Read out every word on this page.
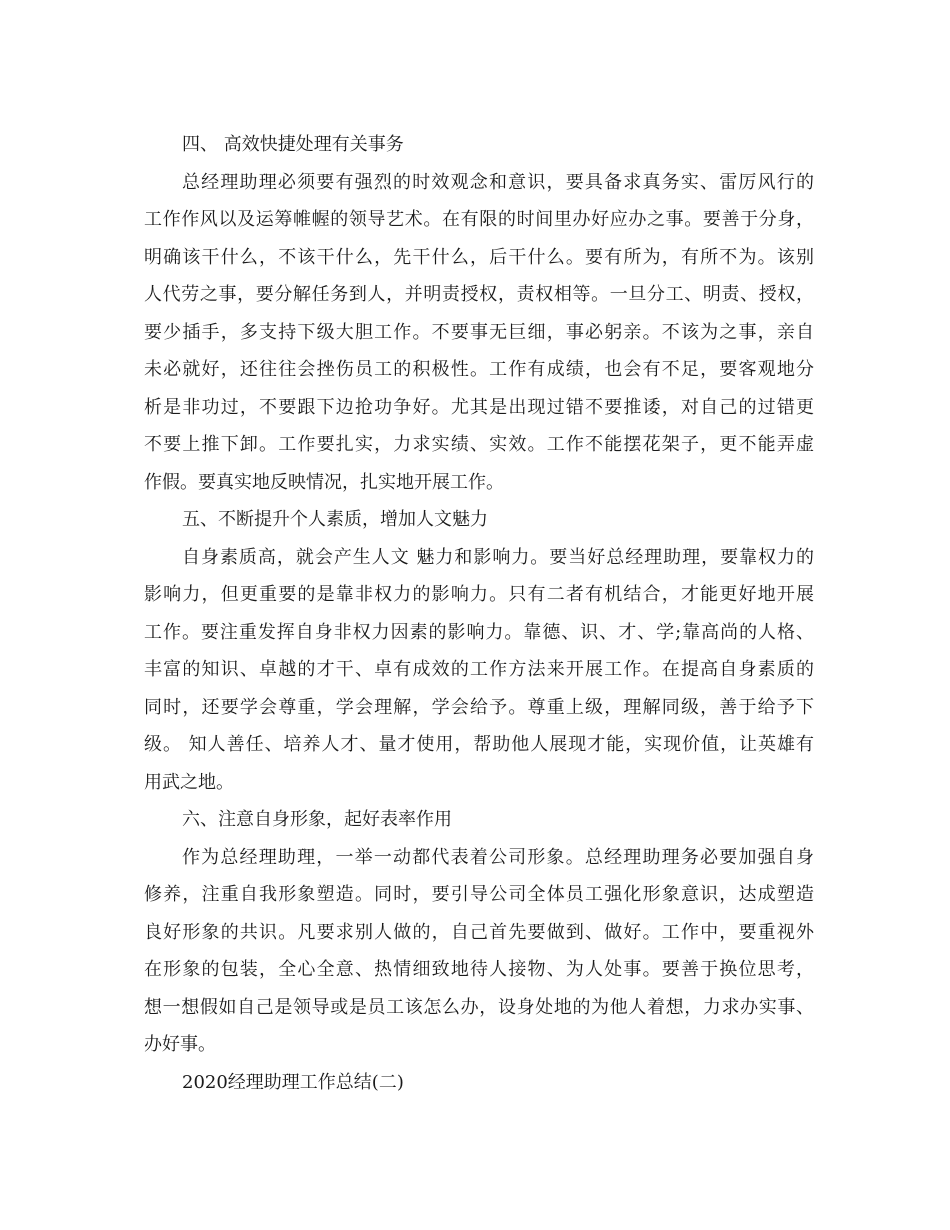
四、 高效快捷处理有关事务
总经理助理必须要有强烈的时效观念和意识，要具备求真务实、雷厉风行的
工作作风以及运筹帷幄的领导艺术。在有限的时间里办好应办之事。要善于分身，
明确该干什么，不该干什么，先干什么，后干什么。要有所为，有所不为。该别
人代劳之事，要分解任务到人，并明责授权，责权相等。一旦分工、明责、授权，
要少插手，多支持下级大胆工作。不要事无巨细，事必躬亲。不该为之事，亲自
未必就好，还往往会挫伤员工的积极性。工作有成绩，也会有不足，要客观地分
析是非功过，不要跟下边抢功争好。尤其是出现过错不要推诿，对自己的过错更
不要上推下卸。工作要扎实，力求实绩、实效。工作不能摆花架子，更不能弄虚
作假。要真实地反映情况，扎实地开展工作。
五、不断提升个人素质，增加人文魅力
自身素质高，就会产生人文 魅力和影响力。要当好总经理助理，要靠权力的
影响力，但更重要的是靠非权力的影响力。只有二者有机结合，才能更好地开展
工作。要注重发挥自身非权力因素的影响力。靠德、识、才、学;靠高尚的人格、
丰富的知识、卓越的才干、卓有成效的工作方法来开展工作。在提高自身素质的
同时，还要学会尊重，学会理解，学会给予。尊重上级，理解同级，善于给予下
级。 知人善任、培养人才、量才使用，帮助他人展现才能，实现价值，让英雄有
用武之地。
六、注意自身形象，起好表率作用
作为总经理助理，一举一动都代表着公司形象。总经理助理务必要加强自身
修养，注重自我形象塑造。同时，要引导公司全体员工强化形象意识，达成塑造
良好形象的共识。凡要求别人做的，自己首先要做到、做好。工作中，要重视外
在形象的包装，全心全意、热情细致地待人接物、为人处事。要善于换位思考，
想一想假如自己是领导或是员工该怎么办，设身处地的为他人着想，力求办实事、
办好事。
2020经理助理工作总结(二)
